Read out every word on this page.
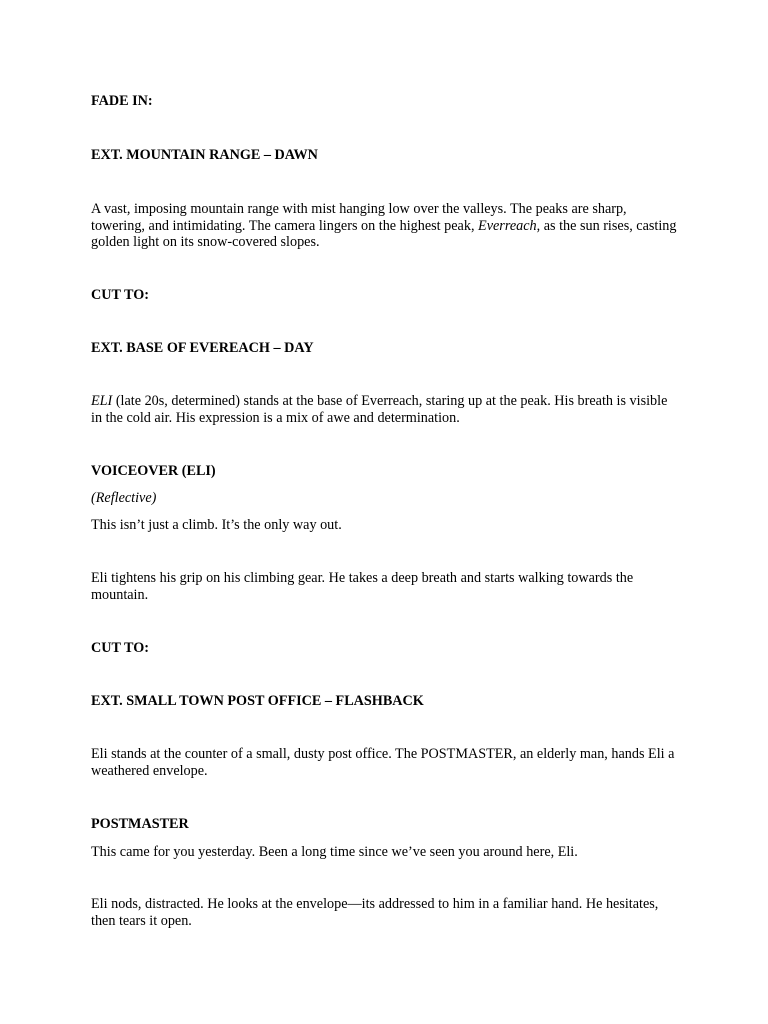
FADE IN:

EXT. MOUNTAIN RANGE – DAWN

A vast, imposing mountain range with mist hanging low over the valleys. The peaks are sharp, towering, and intimidating. The camera lingers on the highest peak, Everreach, as the sun rises, casting golden light on its snow-covered slopes.

CUT TO:

EXT. BASE OF EVEREACH – DAY

ELI (late 20s, determined) stands at the base of Everreach, staring up at the peak. His breath is visible in the cold air. His expression is a mix of awe and determination.

VOICEOVER (ELI)

(Reflective)

This isn’t just a climb. It’s the only way out.

Eli tightens his grip on his climbing gear. He takes a deep breath and starts walking towards the mountain.

CUT TO:

EXT. SMALL TOWN POST OFFICE – FLASHBACK

Eli stands at the counter of a small, dusty post office. The POSTMASTER, an elderly man, hands Eli a weathered envelope.

POSTMASTER

This came for you yesterday. Been a long time since we’ve seen you around here, Eli.

Eli nods, distracted. He looks at the envelope—its addressed to him in a familiar hand. He hesitates, then tears it open.
